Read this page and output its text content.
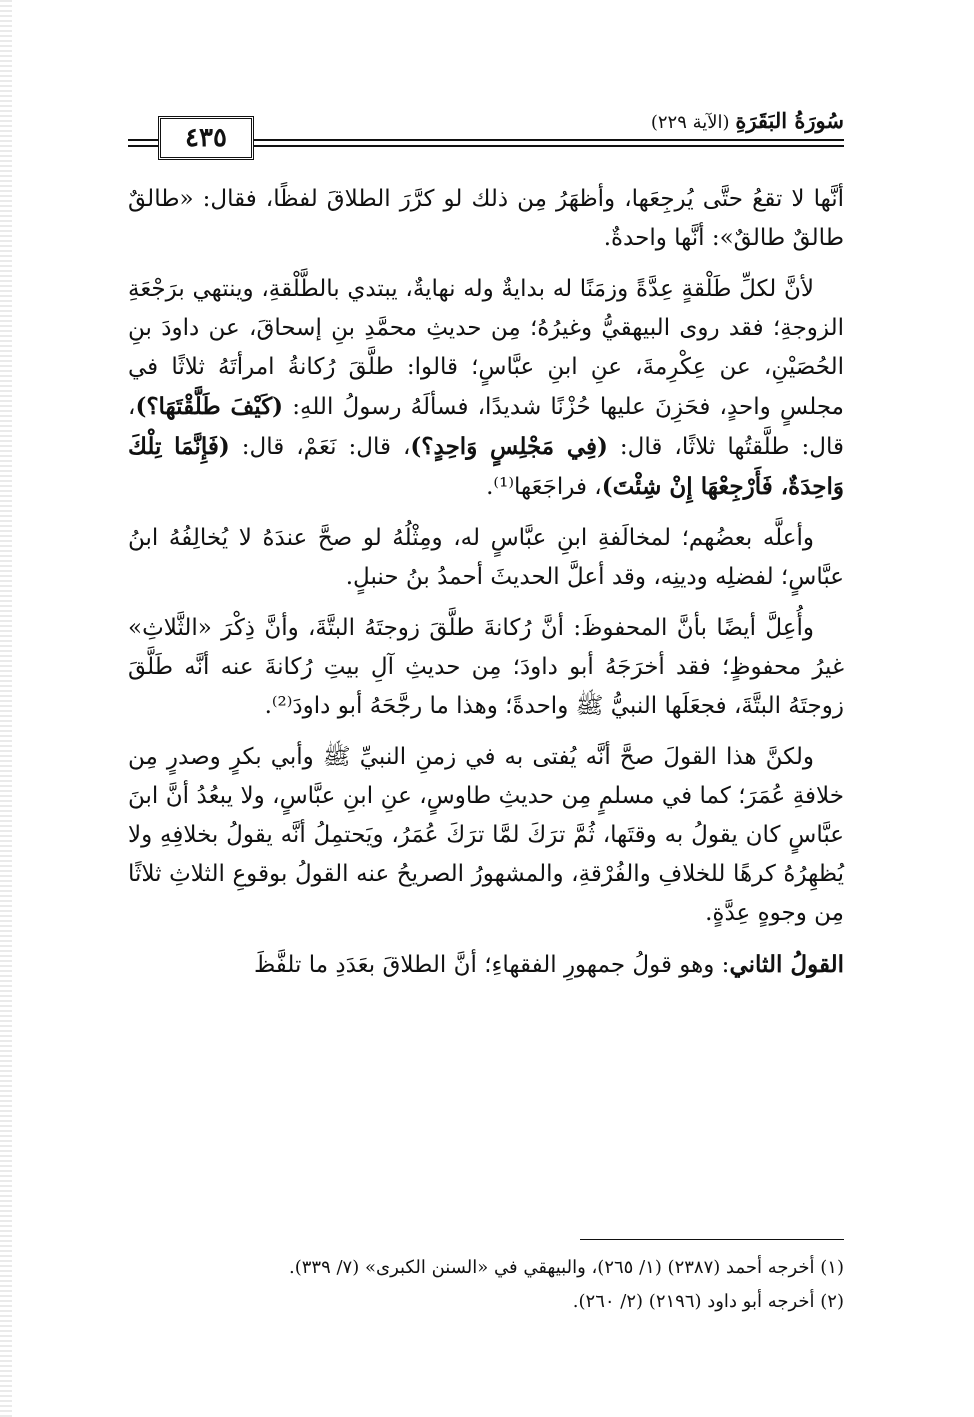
٤٣٥
سُورَةُ البَقَرَةِ (الآية ٢٢٩)

أنَّها لا تقعُ حتَّى يُرجِعَها، وأظهَرُ مِن ذلك لو كرَّرَ الطلاقَ لفظًا، فقال: «طالقٌ طالقٌ طالقٌ»: أنَّها واحدةٌ.

لأنَّ لكلِّ طَلْقةٍ عِدَّةً وزمَنًا له بدايةٌ وله نهايةٌ، يبتدي بالطَّلْقةِ، وينتهي برَجْعَةِ الزوجةِ؛ فقد روى البيهقيُّ وغيرُهُ؛ مِن حديثِ محمَّدِ بنِ إسحاقَ، عن داودَ بنِ الحُصَيْنِ، عن عِكْرِمةَ، عنِ ابنِ عبَّاسٍ؛ قالوا: طلَّقَ رُكانةُ امرأتَهُ ثلاثًا في مجلسٍ واحدٍ، فحَزِنَ عليها حُزْنًا شديدًا، فسألَهُ رسولُ اللهِ: (كَيْفَ طَلَّقْتَهَا؟)، قال: طلَّقتُها ثلاثًا، قال: (فِي مَجْلِسٍ وَاحِدٍ؟)، قال: نَعَمْ، قال: (فَإِنَّمَا تِلْكَ وَاحِدَةٌ، فَأَرْجِعْهَا إِنْ شِئْتَ)، فراجَعَها⁽¹⁾.

وأعلَّه بعضُهم؛ لمخالَفةِ ابنِ عبَّاسٍ له، ومِثْلُهُ لو صحَّ عندَهُ لا يُخالِفُهُ ابنُ عبَّاسٍ؛ لفضلِه ودينِه، وقد أعلَّ الحديثَ أحمدُ بنُ حنبلٍ.

وأُعِلَّ أيضًا بأنَّ المحفوظَ: أنَّ رُكانةَ طلَّقَ زوجتَهُ البتَّةَ، وأنَّ ذِكْرَ «الثَّلاثِ» غيرُ محفوظٍ؛ فقد أخرَجَهُ أبو داودَ؛ مِن حديثِ آلِ بيتِ رُكانةَ عنه أنَّه طَلَّقَ زوجتَهُ البتَّةَ، فجعَلَها النبيُّ ﷺ واحدةً؛ وهذا ما رجَّحَهُ أبو داودَ⁽²⁾.

ولكنَّ هذا القولَ صحَّ أنَّه يُفتى به في زمنِ النبيِّ ﷺ وأبي بكرٍ وصدرٍ مِن خلافةِ عُمَرَ؛ كما في مسلمٍ مِن حديثِ طاوسٍ، عنِ ابنِ عبَّاسٍ، ولا يبعُدُ أنَّ ابنَ عبَّاسٍ كان يقولُ به وقتَها، ثُمَّ ترَكَ لمَّا ترَكَ عُمَرُ، ويَحتمِلُ أنَّه يقولُ بخلافِهِ ولا يُظهِرُهُ كرهًا للخلافِ والفُرْقةِ، والمشهورُ الصريحُ عنه القولُ بوقوعِ الثلاثِ ثلاثًا مِن وجوهٍ عِدَّةٍ.

القولُ الثاني: وهو قولُ جمهورِ الفقهاءِ؛ أنَّ الطلاقَ بعَدَدِ ما تلفَّظَ

(١) أخرجه أحمد (٢٣٨٧) (١/ ٢٦٥)، والبيهقي في «السنن الكبرى» (٧/ ٣٣٩).

(٢) أخرجه أبو داود (٢١٩٦) (٢/ ٢٦٠).
